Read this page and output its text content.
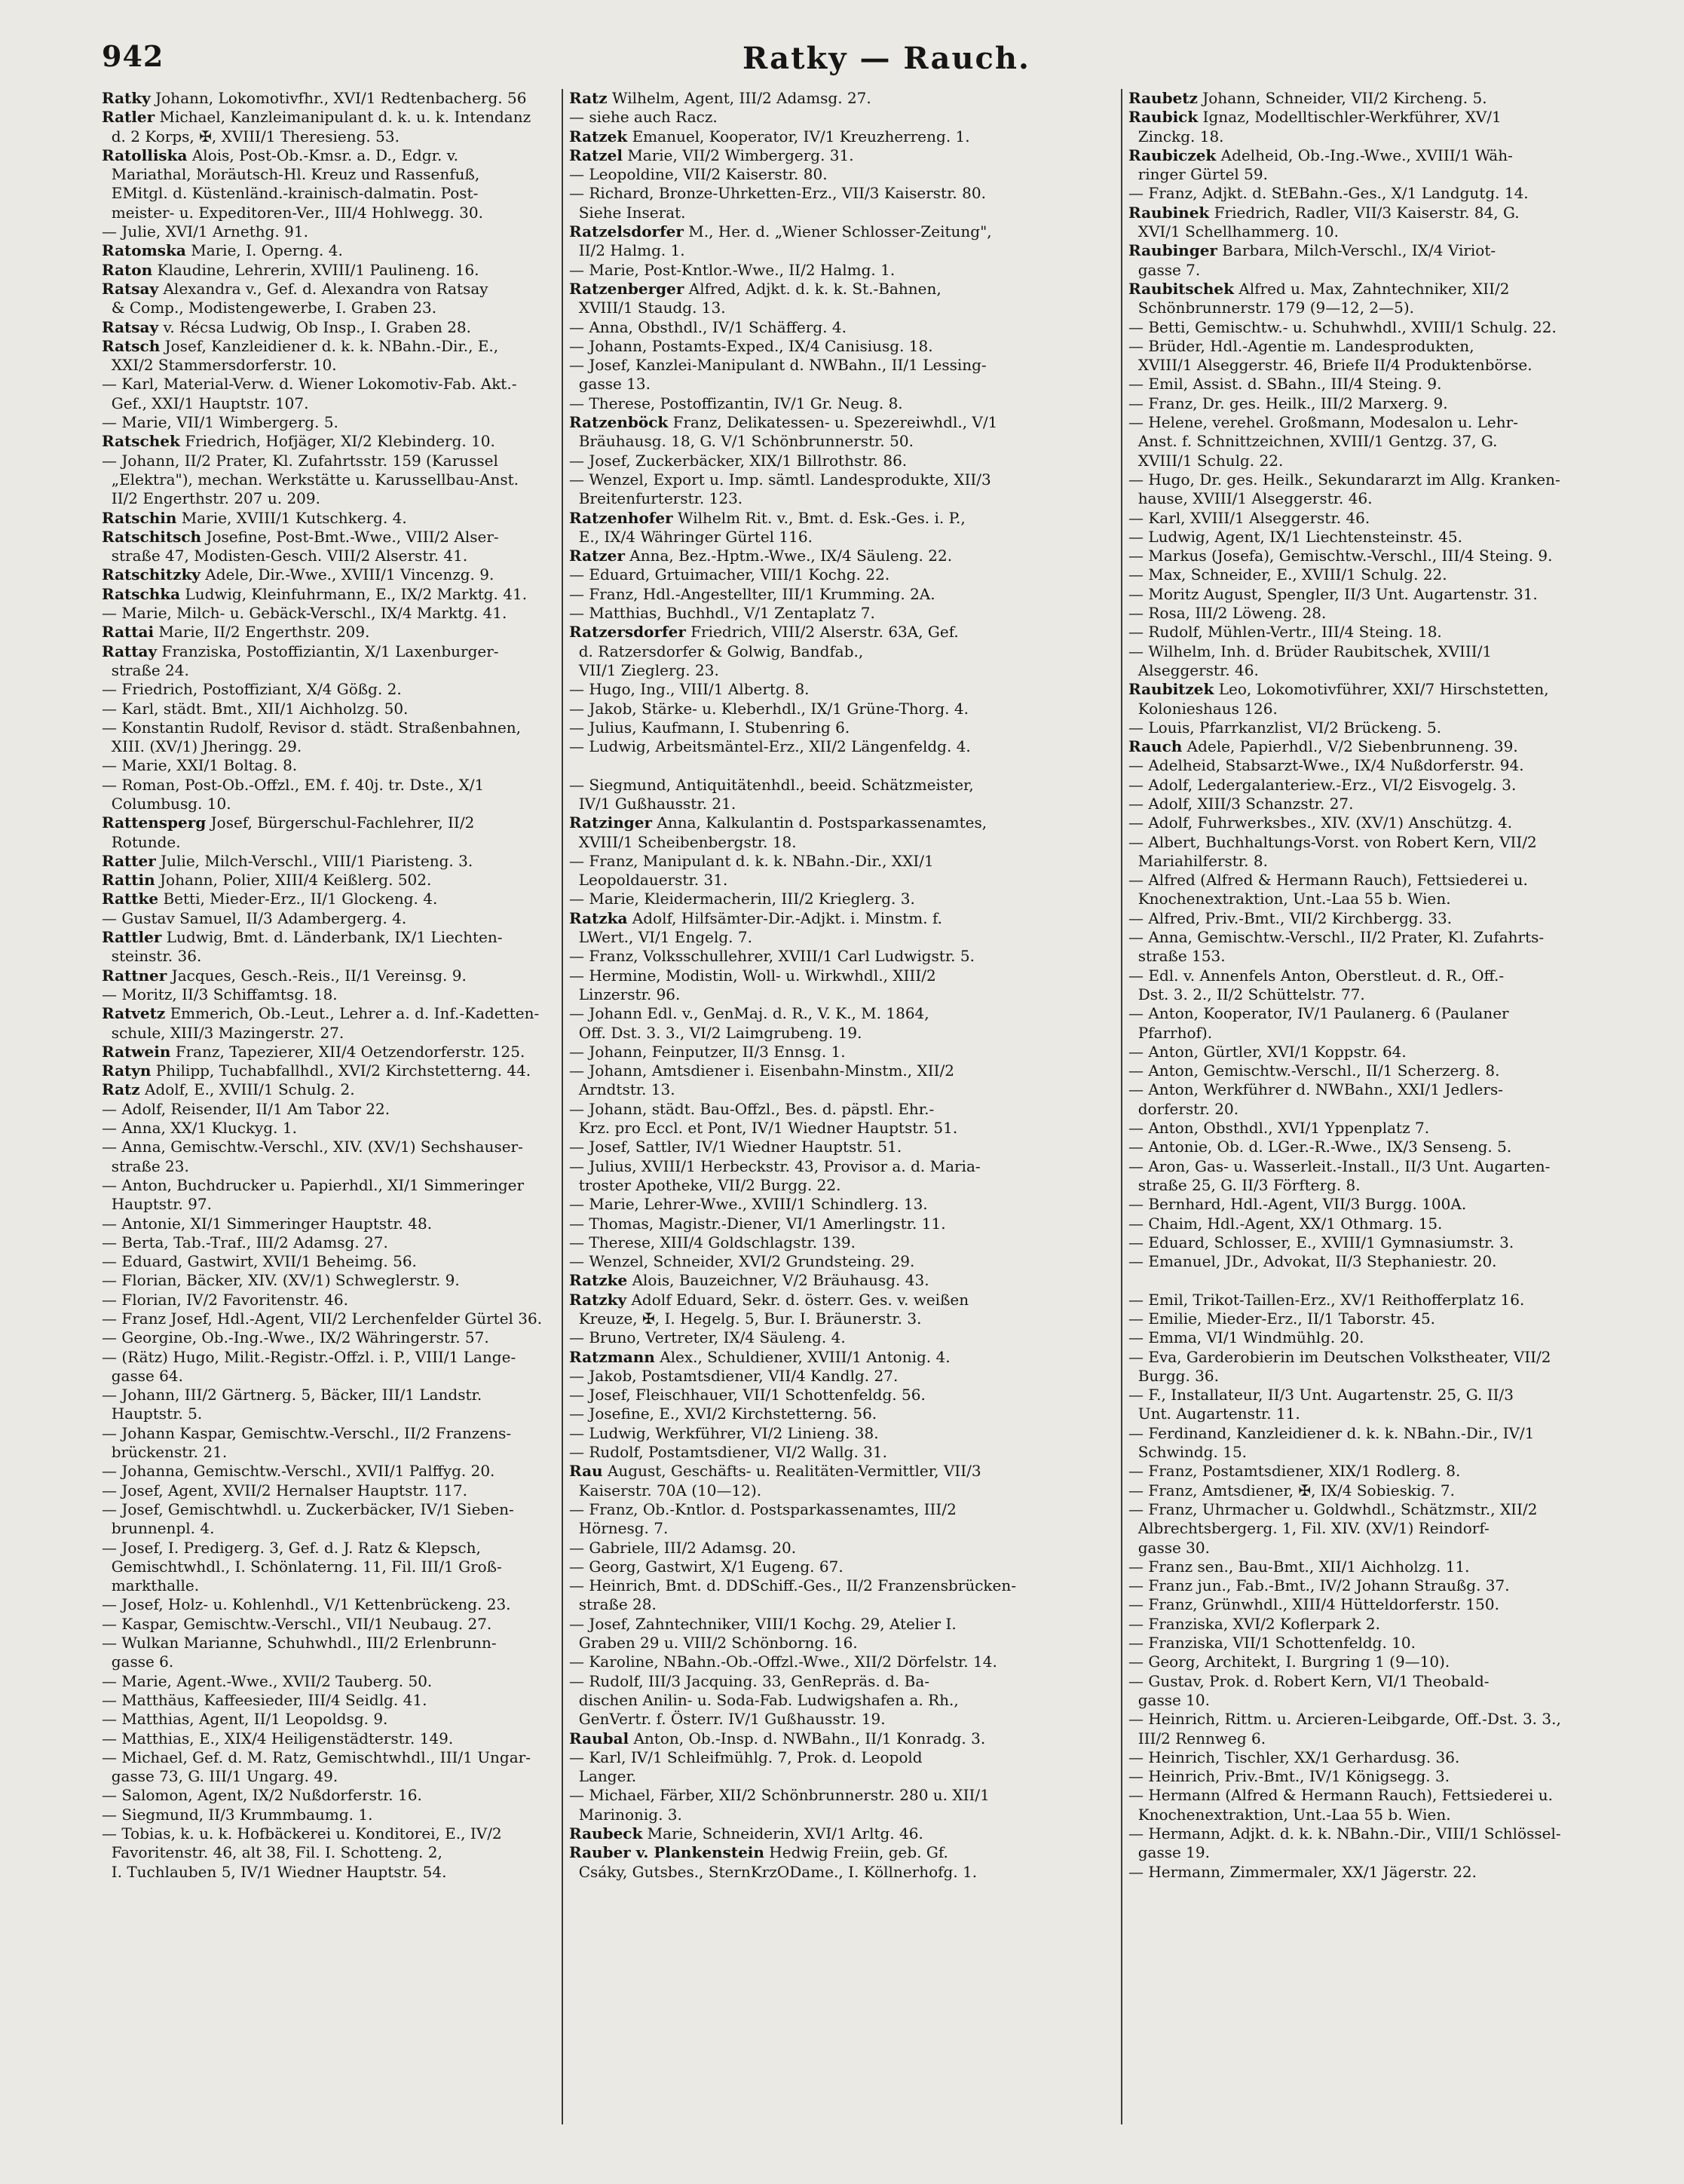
942	Ratky — Rauch.
Ratky Johann, Lokomotivfhr., XVI/1 Redtenbacherg. 56
Ratler Michael, Kanzleimanipulant d. k. u. k. Intendanz
d. 2 Korps, ✠, XVIII/1 Theresieng. 53.
Ratolliska Alois, Post-Ob.-Kmsr. a. D., Edgr. v.
Mariathal, Moräutsch-Hl. Kreuz und Rassenfuß,
EMitgl. d. Küstenländ.-krainisch-dalmatin. Post-
meister- u. Expeditoren-Ver., III/4 Hohlwegg. 30.
— Julie, XVI/1 Arnethg. 91.
Ratomska Marie, I. Operng. 4.
Raton Klaudine, Lehrerin, XVIII/1 Paulineng. 16.
Ratsay Alexandra v., Gef. d. Alexandra von Ratsay
& Comp., Modistengewerbe, I. Graben 23.
Ratsay v. Récsa Ludwig, Ob Insp., I. Graben 28.
Ratsch Josef, Kanzleidiener d. k. k. NBahn.-Dir., E.,
XXI/2 Stammersdorferstr. 10.
— Karl, Material-Verw. d. Wiener Lokomotiv-Fab. Akt.-
Gef., XXI/1 Hauptstr. 107.
— Marie, VII/1 Wimbergerg. 5.
Ratschek Friedrich, Hofjäger, XI/2 Klebinderg. 10.
— Johann, II/2 Prater, Kl. Zufahrtsstr. 159 (Karussel
„Elektra"), mechan. Werkstätte u. Karussellbau-Anst.
II/2 Engerthstr. 207 u. 209.
Ratschin Marie, XVIII/1 Kutschkerg. 4.
Ratschitsch Josefine, Post-Bmt.-Wwe., VIII/2 Alser-
straße 47, Modisten-Gesch. VIII/2 Alserstr. 41.
Ratschitzky Adele, Dir.-Wwe., XVIII/1 Vincenzg. 9.
Ratschka Ludwig, Kleinfuhrmann, E., IX/2 Marktg. 41.
— Marie, Milch- u. Gebäck-Verschl., IX/4 Marktg. 41.
Rattai Marie, II/2 Engerthstr. 209.
Rattay Franziska, Postoffiziantin, X/1 Laxenburger-
straße 24.
— Friedrich, Postoffiziant, X/4 Gößg. 2.
— Karl, städt. Bmt., XII/1 Aichholzg. 50.
— Konstantin Rudolf, Revisor d. städt. Straßenbahnen,
XIII. (XV/1) Jheringg. 29.
— Marie, XXI/1 Boltag. 8.
— Roman, Post-Ob.-Offzl., EM. f. 40j. tr. Dste., X/1
Columbusg. 10.
Rattensperg Josef, Bürgerschul-Fachlehrer, II/2
Rotunde.
Ratter Julie, Milch-Verschl., VIII/1 Piaristeng. 3.
Rattin Johann, Polier, XIII/4 Keißlerg. 502.
Rattke Betti, Mieder-Erz., II/1 Glockeng. 4.
— Gustav Samuel, II/3 Adambergerg. 4.
Rattler Ludwig, Bmt. d. Länderbank, IX/1 Liechten-
steinstr. 36.
Rattner Jacques, Gesch.-Reis., II/1 Vereinsg. 9.
— Moritz, II/3 Schiffamtsg. 18.
Ratvetz Emmerich, Ob.-Leut., Lehrer a. d. Inf.-Kadetten-
schule, XIII/3 Mazingerstr. 27.
Ratwein Franz, Tapezierer, XII/4 Oetzendorferstr. 125.
Ratyn Philipp, Tuchabfallhdl., XVI/2 Kirchstetterng. 44.
Ratz Adolf, E., XVIII/1 Schulg. 2.
— Adolf, Reisender, II/1 Am Tabor 22.
— Anna, XX/1 Kluckyg. 1.
— Anna, Gemischtw.-Verschl., XIV. (XV/1) Sechshauser-
straße 23.
— Anton, Buchdrucker u. Papierhdl., XI/1 Simmeringer
Hauptstr. 97.
— Antonie, XI/1 Simmeringer Hauptstr. 48.
— Berta, Tab.-Traf., III/2 Adamsg. 27.
— Eduard, Gastwirt, XVII/1 Beheimg. 56.
— Florian, Bäcker, XIV. (XV/1) Schweglerstr. 9.
— Florian, IV/2 Favoritenstr. 46.
— Franz Josef, Hdl.-Agent, VII/2 Lerchenfelder Gürtel 36.
— Georgine, Ob.-Ing.-Wwe., IX/2 Währingerstr. 57.
— (Rätz) Hugo, Milit.-Registr.-Offzl. i. P., VIII/1 Lange-
gasse 64.
— Johann, III/2 Gärtnerg. 5, Bäcker, III/1 Landstr.
Hauptstr. 5.
— Johann Kaspar, Gemischtw.-Verschl., II/2 Franzens-
brückenstr. 21.
— Johanna, Gemischtw.-Verschl., XVII/1 Palffyg. 20.
— Josef, Agent, XVII/2 Hernalser Hauptstr. 117.
— Josef, Gemischtwhdl. u. Zuckerbäcker, IV/1 Sieben-
brunnenpl. 4.
— Josef, I. Predigerg. 3, Gef. d. J. Ratz & Klepsch,
Gemischtwhdl., I. Schönlaterng. 11, Fil. III/1 Groß-
markthalle.
— Josef, Holz- u. Kohlenhdl., V/1 Kettenbrückeng. 23.
— Kaspar, Gemischtw.-Verschl., VII/1 Neubaug. 27.
— Wulkan Marianne, Schuhwhdl., III/2 Erlenbrunn-
gasse 6.
— Marie, Agent.-Wwe., XVII/2 Tauberg. 50.
— Matthäus, Kaffeesieder, III/4 Seidlg. 41.
— Matthias, Agent, II/1 Leopoldsg. 9.
— Matthias, E., XIX/4 Heiligenstädterstr. 149.
— Michael, Gef. d. M. Ratz, Gemischtwhdl., III/1 Ungar-
gasse 73, G. III/1 Ungarg. 49.
— Salomon, Agent, IX/2 Nußdorferstr. 16.
— Siegmund, II/3 Krummbaumg. 1.
— Tobias, k. u. k. Hofbäckerei u. Konditorei, E., IV/2
Favoritenstr. 46, alt 38, Fil. I. Schotteng. 2,
I. Tuchlauben 5, IV/1 Wiedner Hauptstr. 54.
Ratz Wilhelm, Agent, III/2 Adamsg. 27.
— siehe auch Racz.
Ratzek Emanuel, Kooperator, IV/1 Kreuzherreng. 1.
Ratzel Marie, VII/2 Wimbergerg. 31.
— Leopoldine, VII/2 Kaiserstr. 80.
— Richard, Bronze-Uhrketten-Erz., VII/3 Kaiserstr. 80.
Siehe Inserat.
Ratzelsdorfer M., Her. d. „Wiener Schlosser-Zeitung",
II/2 Halmg. 1.
— Marie, Post-Kntlor.-Wwe., II/2 Halmg. 1.
Ratzenberger Alfred, Adjkt. d. k. k. St.-Bahnen,
XVIII/1 Staudg. 13.
— Anna, Obsthdl., IV/1 Schäfferg. 4.
— Johann, Postamts-Exped., IX/4 Canisiusg. 18.
— Josef, Kanzlei-Manipulant d. NWBahn., II/1 Lessing-
gasse 13.
— Therese, Postoffizantin, IV/1 Gr. Neug. 8.
Ratzenböck Franz, Delikatessen- u. Spezereiwhdl., V/1
Bräuhausg. 18, G. V/1 Schönbrunnerstr. 50.
— Josef, Zuckerbäcker, XIX/1 Billrothstr. 86.
— Wenzel, Export u. Imp. sämtl. Landesprodukte, XII/3
Breitenfurterstr. 123.
Ratzenhofer Wilhelm Rit. v., Bmt. d. Esk.-Ges. i. P.,
E., IX/4 Währinger Gürtel 116.
Ratzer Anna, Bez.-Hptm.-Wwe., IX/4 Säuleng. 22.
— Eduard, Grtuimacher, VIII/1 Kochg. 22.
— Franz, Hdl.-Angestellter, III/1 Krumming. 2A.
— Matthias, Buchhdl., V/1 Zentaplatz 7.
Ratzersdorfer Friedrich, VIII/2 Alserstr. 63A, Gef.
d. Ratzersdorfer & Golwig, Bandfab.,
VII/1 Zieglerg. 23.
— Hugo, Ing., VIII/1 Albertg. 8.
— Jakob, Stärke- u. Kleberhdl., IX/1 Grüne-Thorg. 4.
— Julius, Kaufmann, I. Stubenring 6.
— Ludwig, Arbeitsmäntel-Erz., XII/2 Längenfeldg. 4.
— Siegmund, Antiquitätenhdl., beeid. Schätzmeister,
IV/1 Gußhausstr. 21.
Ratzinger Anna, Kalkulantin d. Postsparkassenamtes,
XVIII/1 Scheibenbergstr. 18.
— Franz, Manipulant d. k. k. NBahn.-Dir., XXI/1
Leopoldauerstr. 31.
— Marie, Kleidermacherin, III/2 Krieglerg. 3.
Ratzka Adolf, Hilfsämter-Dir.-Adjkt. i. Minstm. f.
LWert., VI/1 Engelg. 7.
— Franz, Volksschullehrer, XVIII/1 Carl Ludwigstr. 5.
— Hermine, Modistin, Woll- u. Wirkwhdl., XIII/2
Linzerstr. 96.
— Johann Edl. v., GenMaj. d. R., V. K., M. 1864,
Off. Dst. 3. 3., VI/2 Laimgrubeng. 19.
— Johann, Feinputzer, II/3 Ennsg. 1.
— Johann, Amtsdiener i. Eisenbahn-Minstm., XII/2
Arndtstr. 13.
— Johann, städt. Bau-Offzl., Bes. d. päpstl. Ehr.-
Krz. pro Eccl. et Pont, IV/1 Wiedner Hauptstr. 51.
— Josef, Sattler, IV/1 Wiedner Hauptstr. 51.
— Julius, XVIII/1 Herbeckstr. 43, Provisor a. d. Maria-
troster Apotheke, VII/2 Burgg. 22.
— Marie, Lehrer-Wwe., XVIII/1 Schindlerg. 13.
— Thomas, Magistr.-Diener, VI/1 Amerlingstr. 11.
— Therese, XIII/4 Goldschlagstr. 139.
— Wenzel, Schneider, XVI/2 Grundsteing. 29.
Ratzke Alois, Bauzeichner, V/2 Bräuhausg. 43.
Ratzky Adolf Eduard, Sekr. d. österr. Ges. v. weißen
Kreuze, ✠, I. Hegelg. 5, Bur. I. Bräunerstr. 3.
— Bruno, Vertreter, IX/4 Säuleng. 4.
Ratzmann Alex., Schuldiener, XVIII/1 Antonig. 4.
— Jakob, Postamtsdiener, VII/4 Kandlg. 27.
— Josef, Fleischhauer, VII/1 Schottenfeldg. 56.
— Josefine, E., XVI/2 Kirchstetterng. 56.
— Ludwig, Werkführer, VI/2 Linieng. 38.
— Rudolf, Postamtsdiener, VI/2 Wallg. 31.
Rau August, Geschäfts- u. Realitäten-Vermittler, VII/3
Kaiserstr. 70A (10—12).
— Franz, Ob.-Kntlor. d. Postsparkassenamtes, III/2
Hörnesg. 7.
— Gabriele, III/2 Adamsg. 20.
— Georg, Gastwirt, X/1 Eugeng. 67.
— Heinrich, Bmt. d. DDSchiff.-Ges., II/2 Franzensbrücken-
straße 28.
— Josef, Zahntechniker, VIII/1 Kochg. 29, Atelier I.
Graben 29 u. VIII/2 Schönborng. 16.
— Karoline, NBahn.-Ob.-Offzl.-Wwe., XII/2 Dörfelstr. 14.
— Rudolf, III/3 Jacquing. 33, GenRepräs. d. Ba-
dischen Anilin- u. Soda-Fab. Ludwigshafen a. Rh.,
GenVertr. f. Österr. IV/1 Gußhausstr. 19.
Raubal Anton, Ob.-Insp. d. NWBahn., II/1 Konradg. 3.
— Karl, IV/1 Schleifmühlg. 7, Prok. d. Leopold
Langer.
— Michael, Färber, XII/2 Schönbrunnerstr. 280 u. XII/1
Marinonig. 3.
Raubeck Marie, Schneiderin, XVI/1 Arltg. 46.
Rauber v. Plankenstein Hedwig Freiin, geb. Gf.
Csáky, Gutsbes., SternKrzODame., I. Köllnerhofg. 1.
Raubetz Johann, Schneider, VII/2 Kircheng. 5.
Raubick Ignaz, Modelltischler-Werkführer, XV/1
Zinckg. 18.
Raubiczek Adelheid, Ob.-Ing.-Wwe., XVIII/1 Wäh-
ringer Gürtel 59.
— Franz, Adjkt. d. StEBahn.-Ges., X/1 Landgutg. 14.
Raubinek Friedrich, Radler, VII/3 Kaiserstr. 84, G.
XVI/1 Schellhammerg. 10.
Raubinger Barbara, Milch-Verschl., IX/4 Viriot-
gasse 7.
Raubitschek Alfred u. Max, Zahntechniker, XII/2
Schönbrunnerstr. 179 (9—12, 2—5).
— Betti, Gemischtw.- u. Schuhwhdl., XVIII/1 Schulg. 22.
— Brüder, Hdl.-Agentie m. Landesprodukten,
XVIII/1 Alseggerstr. 46, Briefe II/4 Produktenbörse.
— Emil, Assist. d. SBahn., III/4 Steing. 9.
— Franz, Dr. ges. Heilk., III/2 Marxerg. 9.
— Helene, verehel. Großmann, Modesalon u. Lehr-
Anst. f. Schnittzeichnen, XVIII/1 Gentzg. 37, G.
XVIII/1 Schulg. 22.
— Hugo, Dr. ges. Heilk., Sekundararzt im Allg. Kranken-
hause, XVIII/1 Alseggerstr. 46.
— Karl, XVIII/1 Alseggerstr. 46.
— Ludwig, Agent, IX/1 Liechtensteinstr. 45.
— Markus (Josefa), Gemischtw.-Verschl., III/4 Steing. 9.
— Max, Schneider, E., XVIII/1 Schulg. 22.
— Moritz August, Spengler, II/3 Unt. Augartenstr. 31.
— Rosa, III/2 Löweng. 28.
— Rudolf, Mühlen-Vertr., III/4 Steing. 18.
— Wilhelm, Inh. d. Brüder Raubitschek, XVIII/1
Alseggerstr. 46.
Raubitzek Leo, Lokomotivführer, XXI/7 Hirschstetten,
Kolonieshaus 126.
— Louis, Pfarrkanzlist, VI/2 Brückeng. 5.
Rauch Adele, Papierhdl., V/2 Siebenbrunneng. 39.
— Adelheid, Stabsarzt-Wwe., IX/4 Nußdorferstr. 94.
— Adolf, Ledergalanteriew.-Erz., VI/2 Eisvogelg. 3.
— Adolf, XIII/3 Schanzstr. 27.
— Adolf, Fuhrwerksbes., XIV. (XV/1) Anschützg. 4.
— Albert, Buchhaltungs-Vorst. von Robert Kern, VII/2
Mariahilferstr. 8.
— Alfred (Alfred & Hermann Rauch), Fettsiederei u.
Knochenextraktion, Unt.-Laa 55 b. Wien.
— Alfred, Priv.-Bmt., VII/2 Kirchbergg. 33.
— Anna, Gemischtw.-Verschl., II/2 Prater, Kl. Zufahrts-
straße 153.
— Edl. v. Annenfels Anton, Oberstleut. d. R., Off.-
Dst. 3. 2., II/2 Schüttelstr. 77.
— Anton, Kooperator, IV/1 Paulanerg. 6 (Paulaner
Pfarrhof).
— Anton, Gürtler, XVI/1 Koppstr. 64.
— Anton, Gemischtw.-Verschl., II/1 Scherzerg. 8.
— Anton, Werkführer d. NWBahn., XXI/1 Jedlers-
dorferstr. 20.
— Anton, Obsthdl., XVI/1 Yppenplatz 7.
— Antonie, Ob. d. LGer.-R.-Wwe., IX/3 Senseng. 5.
— Aron, Gas- u. Wasserleit.-Install., II/3 Unt. Augarten-
straße 25, G. II/3 Förfterg. 8.
— Bernhard, Hdl.-Agent, VII/3 Burgg. 100A.
— Chaim, Hdl.-Agent, XX/1 Othmarg. 15.
— Eduard, Schlosser, E., XVIII/1 Gymnasiumstr. 3.
— Emanuel, JDr., Advokat, II/3 Stephaniestr. 20.
— Emil, Trikot-Taillen-Erz., XV/1 Reithofferplatz 16.
— Emilie, Mieder-Erz., II/1 Taborstr. 45.
— Emma, VI/1 Windmühlg. 20.
— Eva, Garderobierin im Deutschen Volkstheater, VII/2
Burgg. 36.
— F., Installateur, II/3 Unt. Augartenstr. 25, G. II/3
Unt. Augartenstr. 11.
— Ferdinand, Kanzleidiener d. k. k. NBahn.-Dir., IV/1
Schwindg. 15.
— Franz, Postamtsdiener, XIX/1 Rodlerg. 8.
— Franz, Amtsdiener, ✠, IX/4 Sobieskig. 7.
— Franz, Uhrmacher u. Goldwhdl., Schätzmstr., XII/2
Albrechtsbergerg. 1, Fil. XIV. (XV/1) Reindorf-
gasse 30.
— Franz sen., Bau-Bmt., XII/1 Aichholzg. 11.
— Franz jun., Fab.-Bmt., IV/2 Johann Straußg. 37.
— Franz, Grünwhdl., XIII/4 Hütteldorferstr. 150.
— Franziska, XVI/2 Koflerpark 2.
— Franziska, VII/1 Schottenfeldg. 10.
— Georg, Architekt, I. Burgring 1 (9—10).
— Gustav, Prok. d. Robert Kern, VI/1 Theobald-
gasse 10.
— Heinrich, Rittm. u. Arcieren-Leibgarde, Off.-Dst. 3. 3.,
III/2 Rennweg 6.
— Heinrich, Tischler, XX/1 Gerhardusg. 36.
— Heinrich, Priv.-Bmt., IV/1 Königsegg. 3.
— Hermann (Alfred & Hermann Rauch), Fettsiederei u.
Knochenextraktion, Unt.-Laa 55 b. Wien.
— Hermann, Adjkt. d. k. k. NBahn.-Dir., VIII/1 Schlössel-
gasse 19.
— Hermann, Zimmermaler, XX/1 Jägerstr. 22.
